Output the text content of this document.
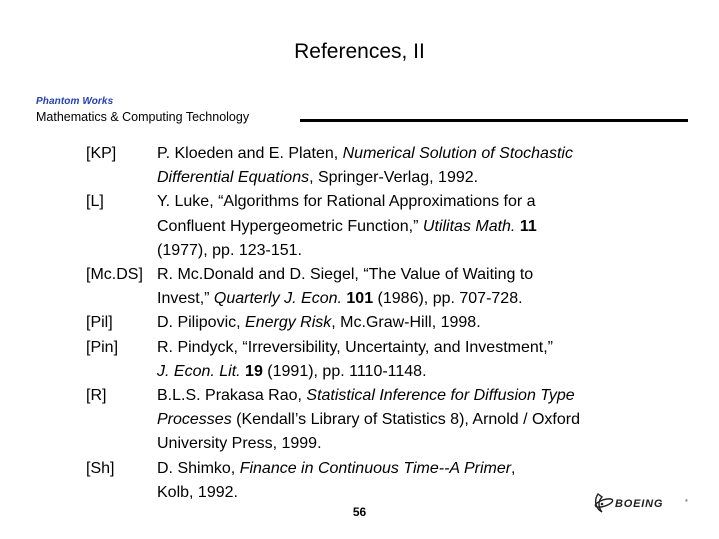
References, II
Phantom Works
Mathematics & Computing Technology
[KP]	P. Kloeden and E. Platen, Numerical Solution of Stochastic
Differential Equations, Springer-Verlag, 1992.
[L]	Y. Luke, “Algorithms for Rational Approximations for a
Confluent Hypergeometric Function,” Utilitas Math. 11
(1977), pp. 123-151.
[Mc.DS] R. Mc.Donald and D. Siegel, “The Value of Waiting to
Invest,” Quarterly J. Econ. 101 (1986), pp. 707-728.
[Pil]	D. Pilipovic, Energy Risk, Mc.Graw-Hill, 1998.
[Pin] R. Pindyck, “Irreversibility, Uncertainty, and Investment,”
J. Econ. Lit. 19 (1991), pp. 1110-1148.
[R]	B.L.S. Prakasa Rao, Statistical Inference for Diffusion Type
Processes (Kendall’s Library of Statistics 8), Arnold / Oxford
University Press, 1999.
[Sh]	D. Shimko, Finance in Continuous Time--A Primer,
Kolb, 1992.
BOEING	®
56
